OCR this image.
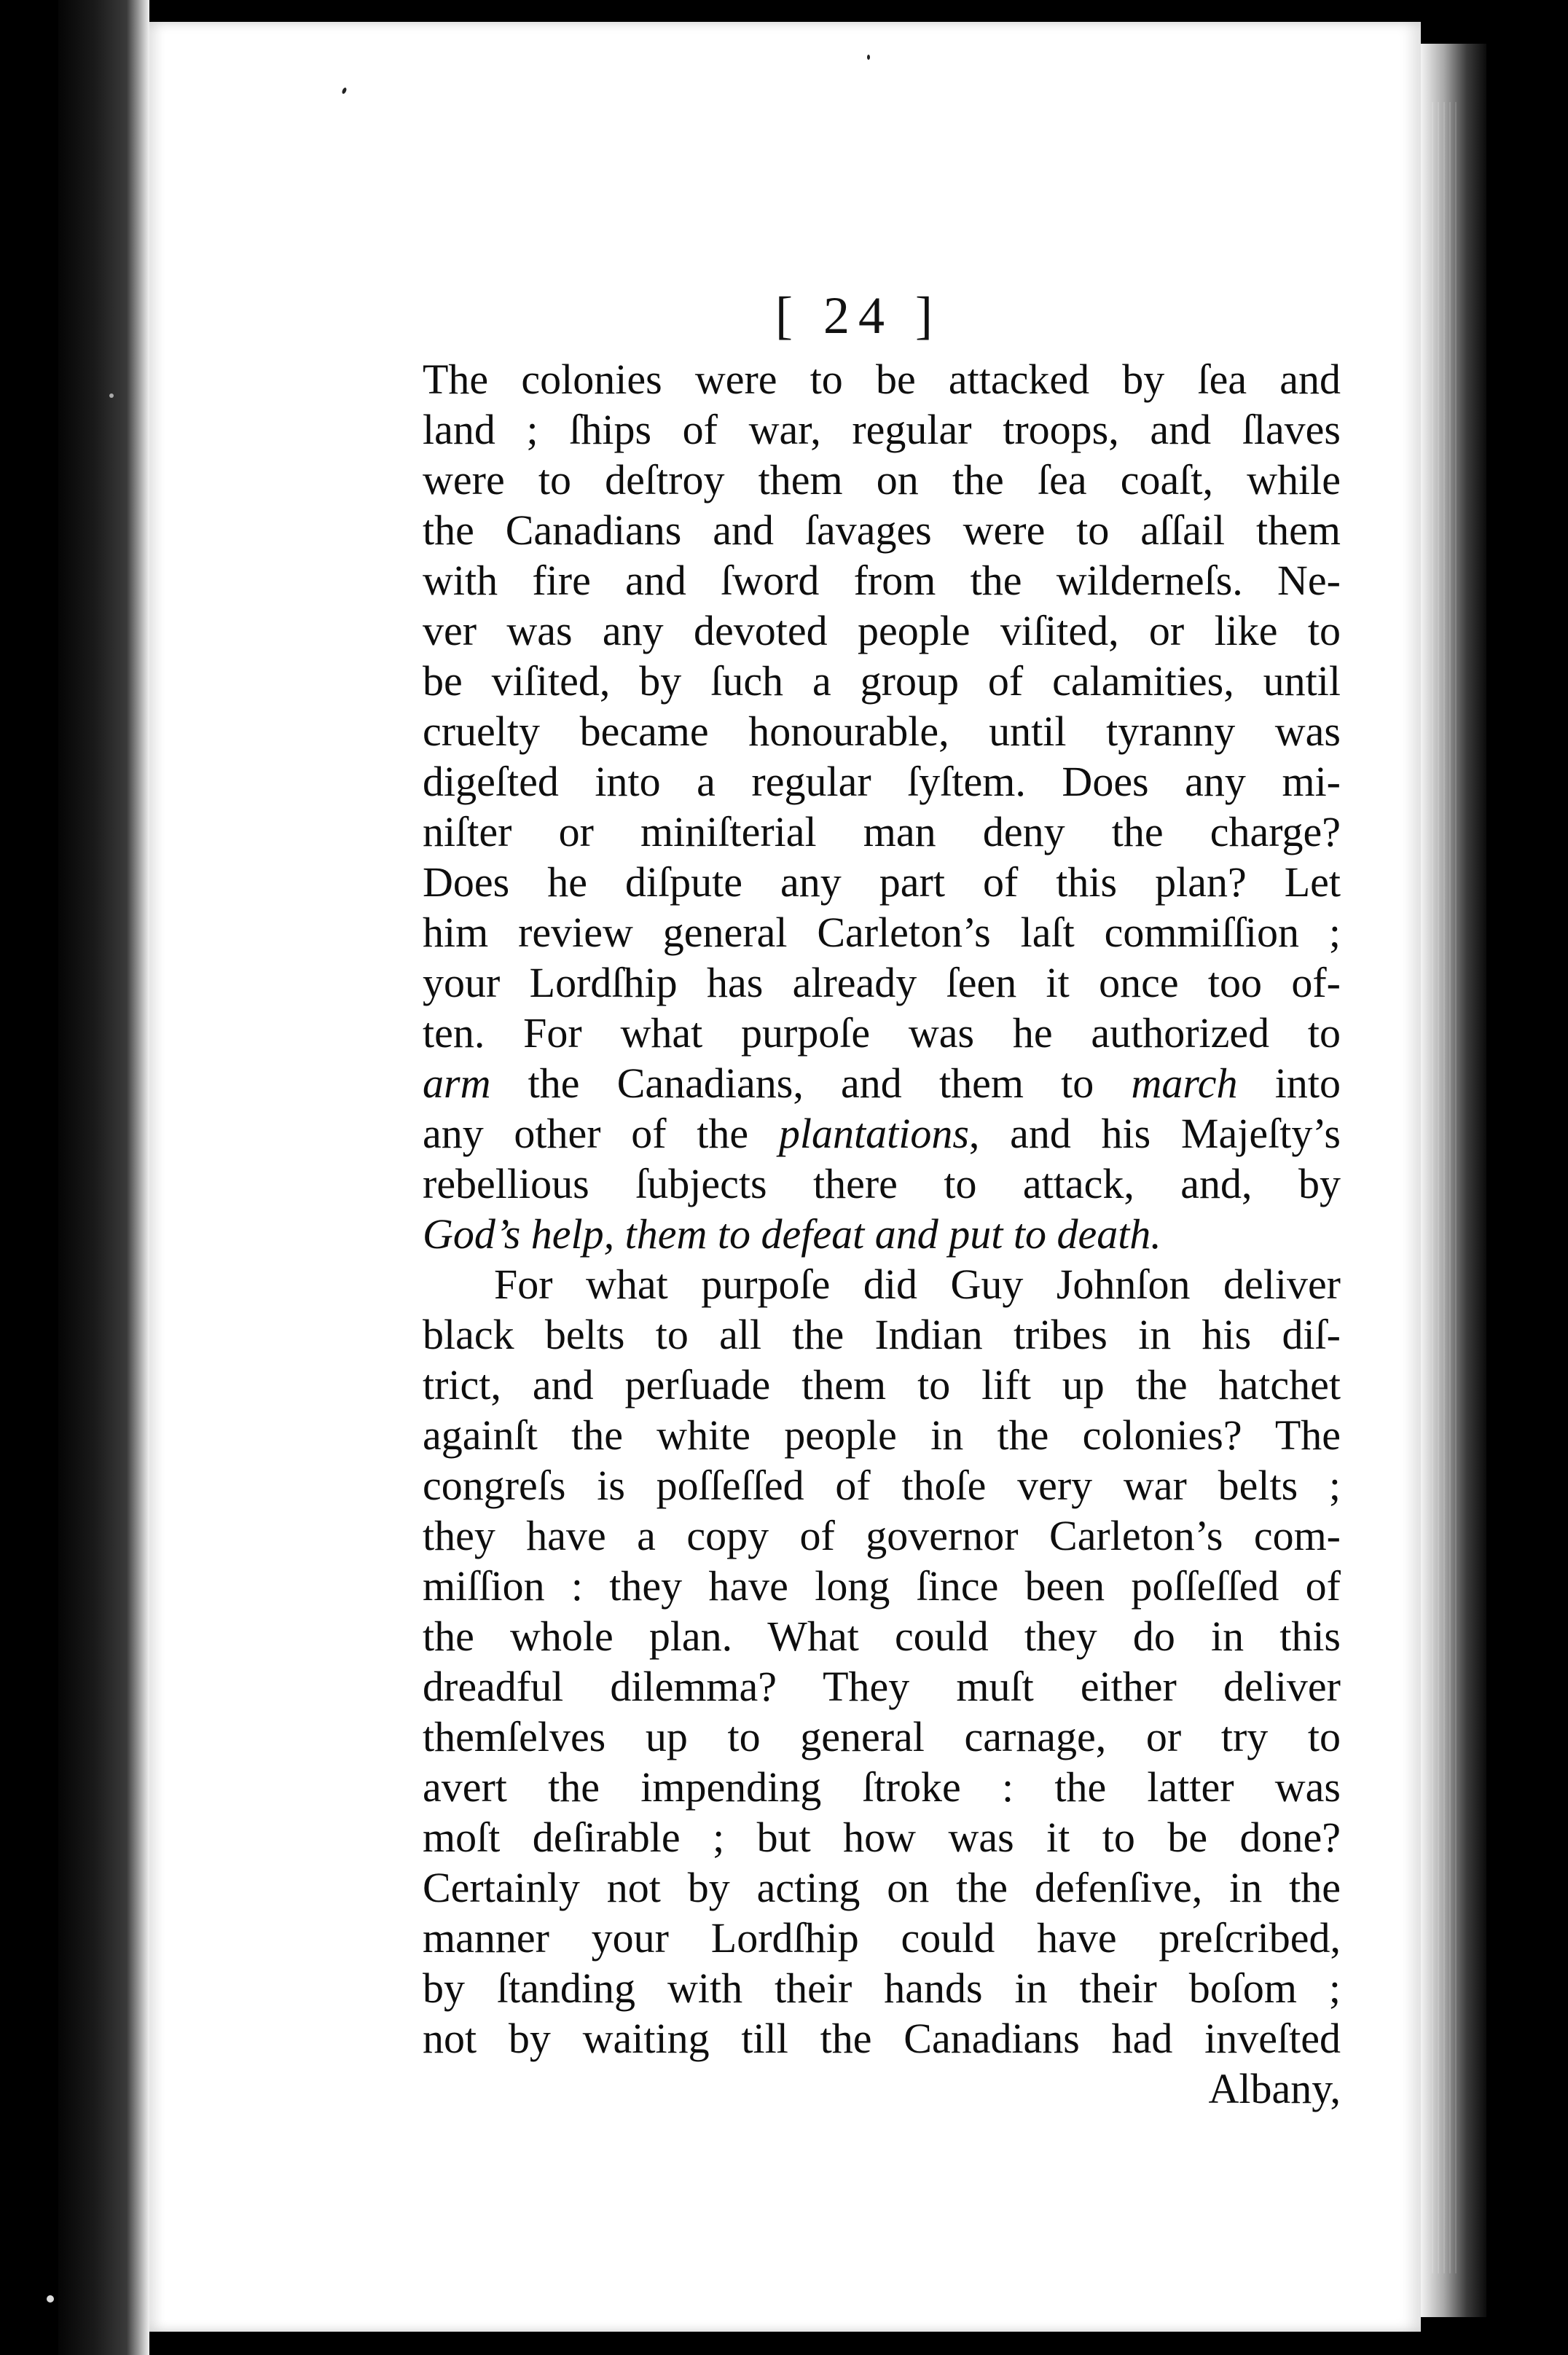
[ 24 ]
The colonies were to be attacked by ſea and
land ; ſhips of war, regular troops, and ſlaves
were to deſtroy them on the ſea coaſt, while
the Canadians and ſavages were to aſſail them
with fire and ſword from the wilderneſs. Ne-
ver was any devoted people viſited, or like to
be viſited, by ſuch a group of calamities, until
cruelty became honourable, until tyranny was
digeſted into a regular ſyſtem. Does any mi-
niſter or miniſterial man deny the charge?
Does he diſpute any part of this plan? Let
him review general Carleton’s laſt commiſſion ;
your Lordſhip has already ſeen it once too of-
ten. For what purpoſe was he authorized to
arm the Canadians, and them to march into
any other of the plantations, and his Majeſty’s
rebellious ſubjects there to attack, and, by
God’s help, them to defeat and put to death.
For what purpoſe did Guy Johnſon deliver
black belts to all the Indian tribes in his diſ-
trict, and perſuade them to lift up the hatchet
againſt the white people in the colonies? The
congreſs is poſſeſſed of thoſe very war belts ;
they have a copy of governor Carleton’s com-
miſſion : they have long ſince been poſſeſſed of
the whole plan. What could they do in this
dreadful dilemma? They muſt either deliver
themſelves up to general carnage, or try to
avert the impending ſtroke : the latter was
moſt deſirable ; but how was it to be done?
Certainly not by acting on the defenſive, in the
manner your Lordſhip could have preſcribed,
by ſtanding with their hands in their boſom ;
not by waiting till the Canadians had inveſted
Albany,
